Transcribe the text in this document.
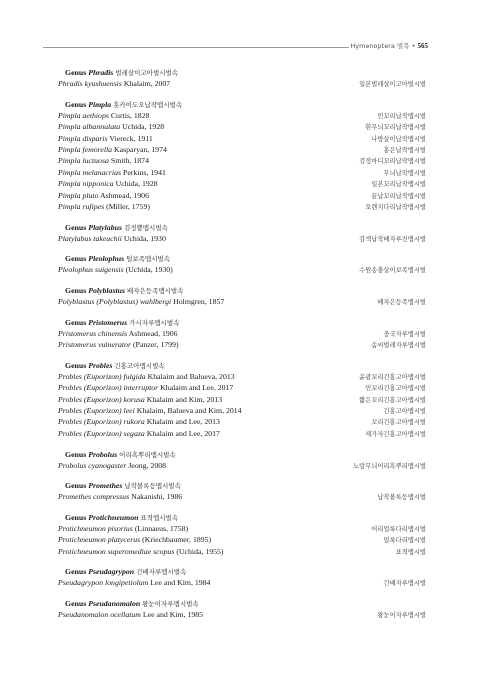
Hymenoptera 벌목 • 565
Genus Phradis 벌레살이고아벌시벌속
Phradis kyushuensis Khalaim, 2007	일본벌레살이고아벌시벌
Genus Pimpla 홋카이도오납작맵시벌속
Pimpla aethiops Curtis, 1828	민꼬리납작맵시벌
Pimpla albannulata Uchida, 1928	흰무늬꼬리납작맵시벌
Pimpla disparis Viereck, 1911	나방살이납작맵시벌
Pimpla femorella Kasparyan, 1974	홍은납작맵시벌
Pimpla luctuosa Smith, 1874	검정마디꼬리납작맵시벌
Pimpla melanacrias Perkins, 1941	무늬납작맵시벌
Pimpla nipponica Uchida, 1928	일본꼬리납작맵시벌
Pimpla pluto Ashmead, 1906	끝납꼬리납작맵시벌
Pimpla rufipes (Miller, 1759)	오렌지다리납작맵시벌
Genus Platylabus 검정뿔맵시벌속
Platylabus takeuchii Uchida, 1930	감색납작배자루진맵시벌
Genus Pleolophus 털보족맵시벌속
Pleolophus suigensis (Uchida, 1930)	수원송충살이보족맵시벌
Genus Polyblastus 배자은등족맵시벌속
Polyblastus (Polyblastus) wahlbergi Holmgren, 1857	배자은등족맵시벌
Genus Pristomerus 가시자루맵시벌속
Pristomerus chinensis Ashmead, 1906	중국자루맵시벌
Pristomerus vulnerator (Panzer, 1799)	솜씨벌레자루맵시벌
Genus Probles 긴홍고아맵시벌속
Probles (Euporizon) fulgida Khalaim and Balueva, 2013	윤광꼬리긴홍고아맵시벌
Probles (Euporizon) interruptor Khalaim and Lee, 2017	민꼬리긴홍고아맵시벌
Probles (Euporizon) korusa Khalaim and Kim, 2013	짧은꼬리긴홍고아맵시벌
Probles (Euporizon) leei Khalaim, Balueva and Kim, 2014	긴홍고아맵시벌
Probles (Euporizon) rukora Khalaim and Lee, 2013	꼬리긴홍고아맵시벌
Probles (Euporizon) segaza Khalaim and Lee, 2017	세가자긴홍고아맵시벌
Genus Probolus 어리흑뿌리맵시벌속
Probolus cyanogaster Jeong, 2008	노랑무늬어리흑뿌리맵시벌
Genus Promethes 납작볼록등맵시벌속
Promethes compressus Nakanishi, 1986	납작볼록등맵시벌
Genus Protichneumon 표적맵시벌속
Protichneumon pisorius (Linnaeus, 1758)	어리얼룩다리맵시벌
Protichneumon platycerus (Kriechbaumer, 1895)	얼룩다리맵시벌
Protichneumon superomediae scopus (Uchida, 1955)	표적맵시벌
Genus Pseudagrypon 긴배자루맵시벌속
Pseudagrypon longipetiolum Lee and Kim, 1984	긴배자루맵시벌
Genus Pseudanomalon 왕눈이자루맵시벌속
Pseudanomalon ocellatum Lee and Kim, 1985	왕눈이자루맵시벌
